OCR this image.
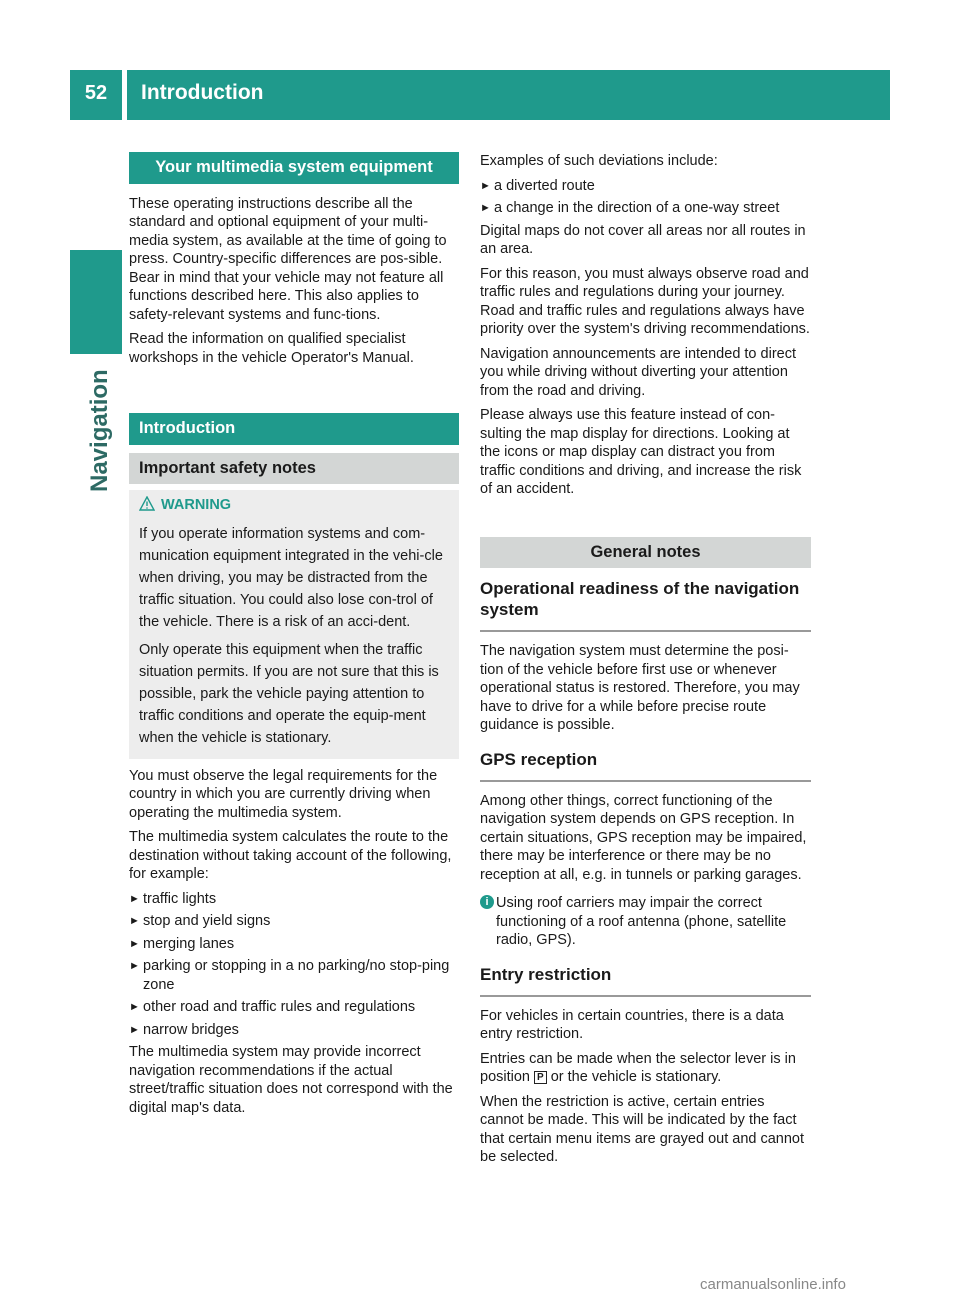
52	Introduction
Navigation
Your multimedia system equipment

These operating instructions describe all the standard and optional equipment of your multi-media system, as available at the time of going to press. Country-specific differences are pos-sible. Bear in mind that your vehicle may not feature all functions described here. This also applies to safety-relevant systems and func-tions.

Read the information on qualified specialist workshops in the vehicle Operator's Manual.

Introduction
Important safety notes
WARNING

If you operate information systems and com-munication equipment integrated in the vehi-cle when driving, you may be distracted from the traffic situation. You could also lose con-trol of the vehicle. There is a risk of an acci-dent.

Only operate this equipment when the traffic situation permits. If you are not sure that this is possible, park the vehicle paying attention to traffic conditions and operate the equip-ment when the vehicle is stationary.

You must observe the legal requirements for the country in which you are currently driving when operating the multimedia system.

The multimedia system calculates the route to the destination without taking account of the following, for example:

► traffic lights
► stop and yield signs
► merging lanes
► parking or stopping in a no parking/no stop-ping zone
► other road and traffic rules and regulations
► narrow bridges

The multimedia system may provide incorrect navigation recommendations if the actual street/traffic situation does not correspond with the digital map's data.

Examples of such deviations include:

► a diverted route
► a change in the direction of a one-way street

Digital maps do not cover all areas nor all routes in an area.

For this reason, you must always observe road and traffic rules and regulations during your journey. Road and traffic rules and regulations always have priority over the system's driving recommendations.

Navigation announcements are intended to direct you while driving without diverting your attention from the road and driving.

Please always use this feature instead of con-sulting the map display for directions. Looking at the icons or map display can distract you from traffic conditions and driving, and increase the risk of an accident.

General notes
Operational readiness of the navigation system

The navigation system must determine the posi-tion of the vehicle before first use or whenever operational status is restored. Therefore, you may have to drive for a while before precise route guidance is possible.

GPS reception

Among other things, correct functioning of the navigation system depends on GPS reception. In certain situations, GPS reception may be impaired, there may be interference or there may be no reception at all, e.g. in tunnels or parking garages.

i Using roof carriers may impair the correct functioning of a roof antenna (phone, satellite radio, GPS).
Entry restriction

For vehicles in certain countries, there is a data entry restriction.

Entries can be made when the selector lever is in position P or the vehicle is stationary.

When the restriction is active, certain entries cannot be made. This will be indicated by the fact that certain menu items are grayed out and cannot be selected.

carmanualsonline.info
